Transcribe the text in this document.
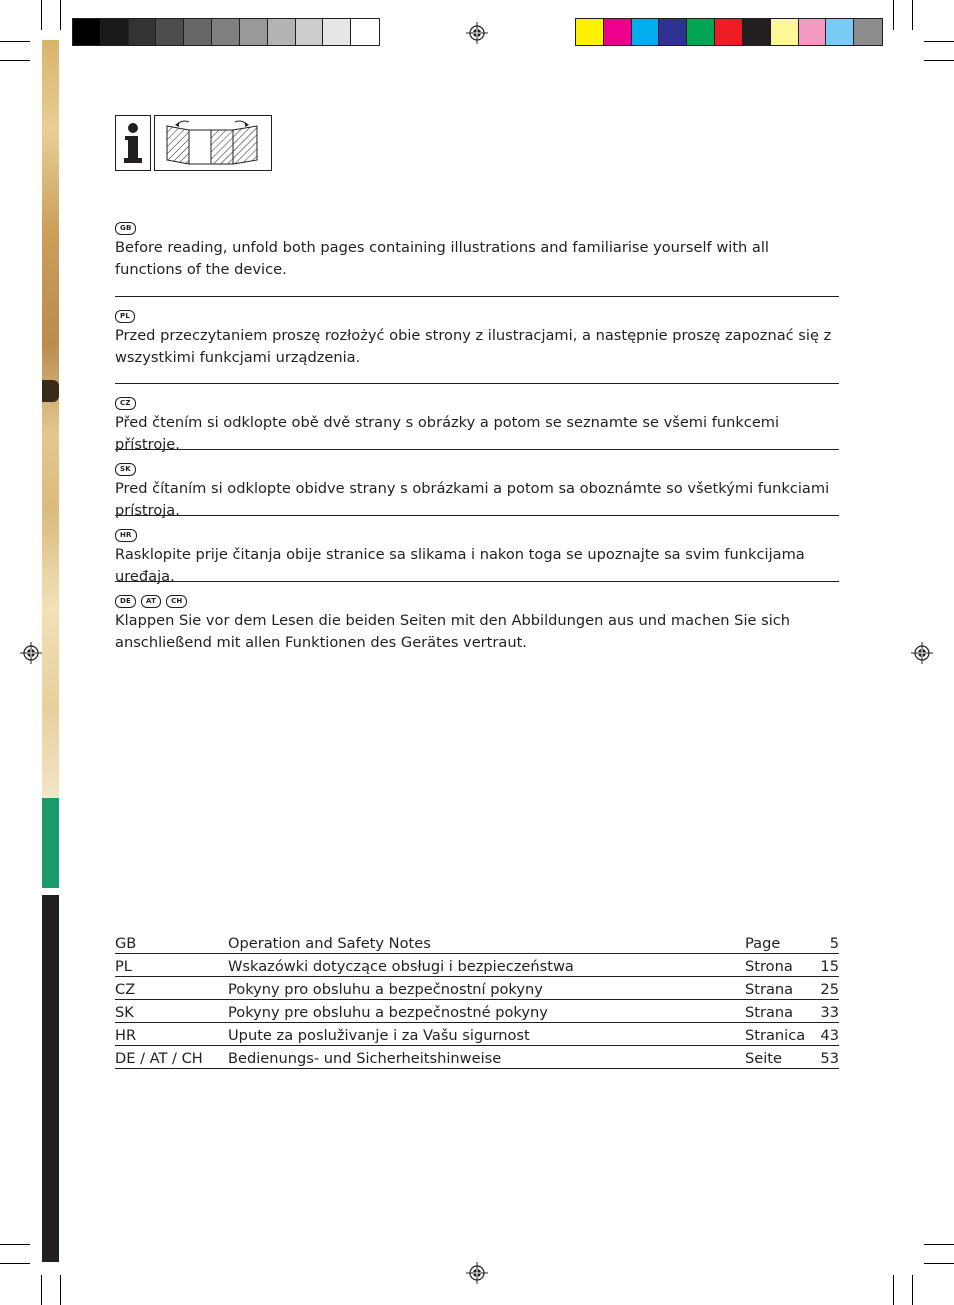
GB
Before reading, unfold both pages containing illustrations and familiarise yourself with all functions of the device.
PL
Przed przeczytaniem proszę rozłożyć obie strony z ilustracjami, a następnie proszę zapoznać się z wszystkimi funkcjami urządzenia.
CZ
Před čtením si odklopte obě dvě strany s obrázky a potom se seznamte se všemi funkcemi přístroje.
SK
Pred čítaním si odklopte obidve strany s obrázkami a potom sa oboznámte so všetkými funkciami prístroja.
HR
Rasklopite prije čitanja obije stranice sa slikama i nakon toga se upoznajte sa svim funkcijama uređaja.
DE	AT	CH
Klappen Sie vor dem Lesen die beiden Seiten mit den Abbildungen aus und machen Sie sich anschließend mit allen Funktionen des Gerätes vertraut.
GB	Operation and Safety Notes	Page	5
PL	Wskazówki dotyczące obsługi i bezpieczeństwa	Strona	15
CZ	Pokyny pro obsluhu a bezpečnostní pokyny	Strana	25
SK	Pokyny pre obsluhu a bezpečnostné pokyny	Strana	33
HR	Upute za posluživanje i za Vašu sigurnost	Stranica	43
DE / AT / CH	Bedienungs- und Sicherheitshinweise	Seite	53
